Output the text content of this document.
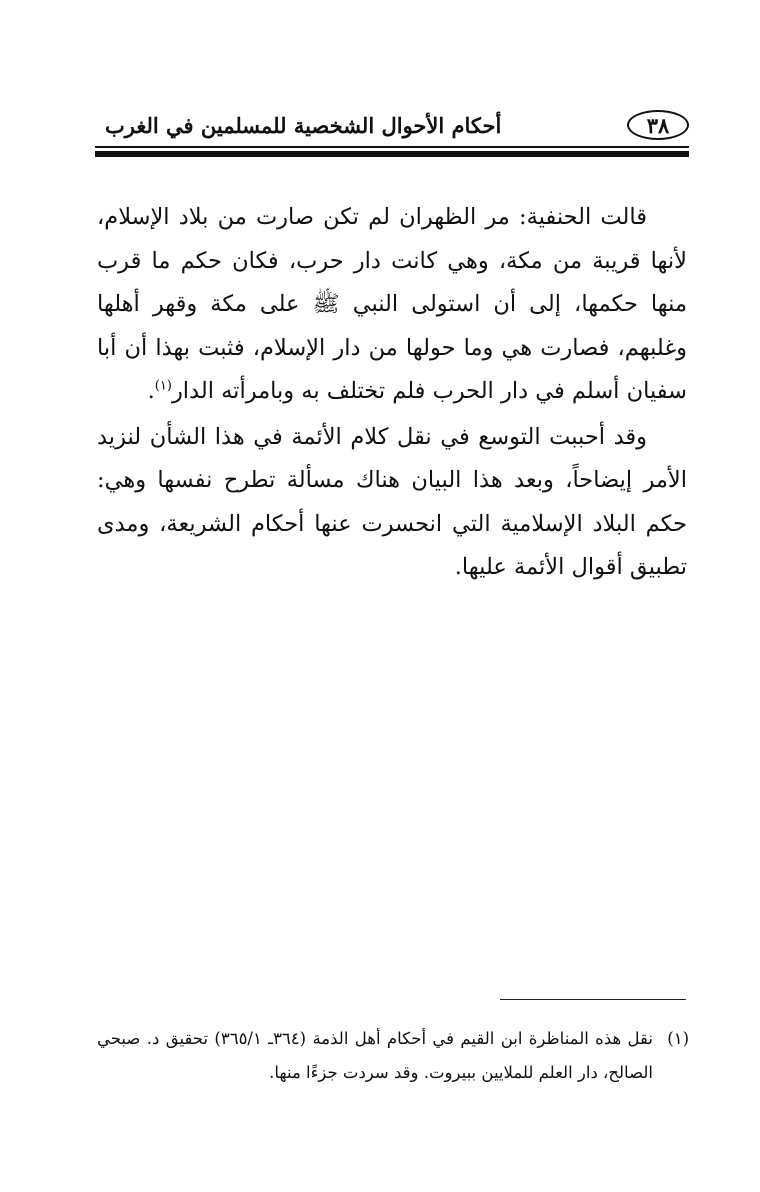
٣٨
أحكام الأحوال الشخصية للمسلمين في الغرب

قالت الحنفية: مر الظهران لم تكن صارت من بلاد الإسلام، لأنها قريبة من مكة، وهي كانت دار حرب، فكان حكم ما قرب منها حكمها، إلى أن استولى النبي ﷺ على مكة وقهر أهلها وغلبهم، فصارت هي وما حولها من دار الإسلام، فثبت بهذا أن أبا سفيان أسلم في دار الحرب فلم تختلف به وبامرأته الدار$^{(١)}$.

وقد أحببت التوسع في نقل كلام الأئمة في هذا الشأن لنزيد الأمر إيضاحاً، وبعد هذا البيان هناك مسألة تطرح نفسها وهي: حكم البلاد الإسلامية التي انحسرت عنها أحكام الشريعة، ومدى تطبيق أقوال الأئمة عليها.

(١)
نقل هذه المناظرة ابن القيم في أحكام أهل الذمة (٣٦٤ـ ٣٦٥/١) تحقيق د. صبحي الصالح، دار العلم للملايين ببيروت. وقد سردت جزءًا منها.
